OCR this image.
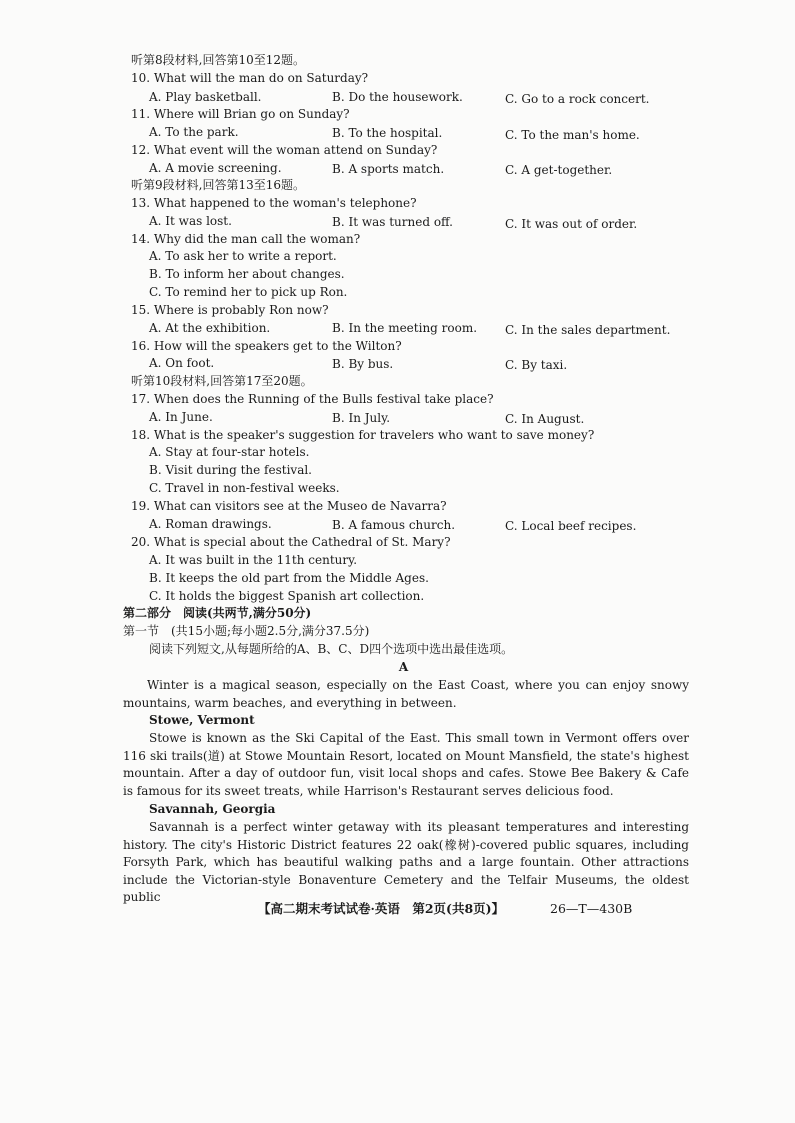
听第8段材料,回答第10至12题。
10. What will the man do on Saturday?
A. Play basketball.	B. Do the housework.	C. Go to a rock concert.
11. Where will Brian go on Sunday?
A. To the park.	B. To the hospital.	C. To the man's home.
12. What event will the woman attend on Sunday?
A. A movie screening.	B. A sports match.	C. A get-together.
听第9段材料,回答第13至16题。
13. What happened to the woman's telephone?
A. It was lost.	B. It was turned off.	C. It was out of order.
14. Why did the man call the woman?
A. To ask her to write a report.
B. To inform her about changes.
C. To remind her to pick up Ron.
15. Where is probably Ron now?
A. At the exhibition.	B. In the meeting room. C. In the sales department.
16. How will the speakers get to the Wilton?
A. On foot.	B. By bus.	C. By taxi.
听第10段材料,回答第17至20题。
17. When does the Running of the Bulls festival take place?
A. In June.	B. In July.	C. In August.
18. What is the speaker's suggestion for travelers who want to save money?
A. Stay at four-star hotels.
B. Visit during the festival.
C. Travel in non-festival weeks.
19. What can visitors see at the Museo de Navarra?
A. Roman drawings.	B. A famous church.	C. Local beef recipes.
20. What is special about the Cathedral of St. Mary?
A. It was built in the 11th century.
B. It keeps the old part from the Middle Ages.
C. It holds the biggest Spanish art collection.
第二部分　阅读(共两节,满分50分)
第一节　(共15小题;每小题2.5分,满分37.5分)
阅读下列短文,从每题所给的A、B、C、D四个选项中选出最佳选项。
A
Winter is a magical season, especially on the East Coast, where you can enjoy snowy mountains, warm beaches, and everything in between.
Stowe, Vermont
Stowe is known as the Ski Capital of the East. This small town in Vermont offers over 116 ski trails(道) at Stowe Mountain Resort, located on Mount Mansfield, the state's highest mountain. After a day of outdoor fun, visit local shops and cafes. Stowe Bee Bakery & Cafe is famous for its sweet treats, while Harrison's Restaurant serves delicious food.
Savannah, Georgia
Savannah is a perfect winter getaway with its pleasant temperatures and interesting history. The city's Historic District features 22 oak(橡树)-covered public squares, including Forsyth Park, which has beautiful walking paths and a large fountain. Other attractions include the Victorian-style Bonaventure Cemetery and the Telfair Museums, the oldest public
【高二期末考试试卷·英语　第2页(共8页)】	26—T—430B
